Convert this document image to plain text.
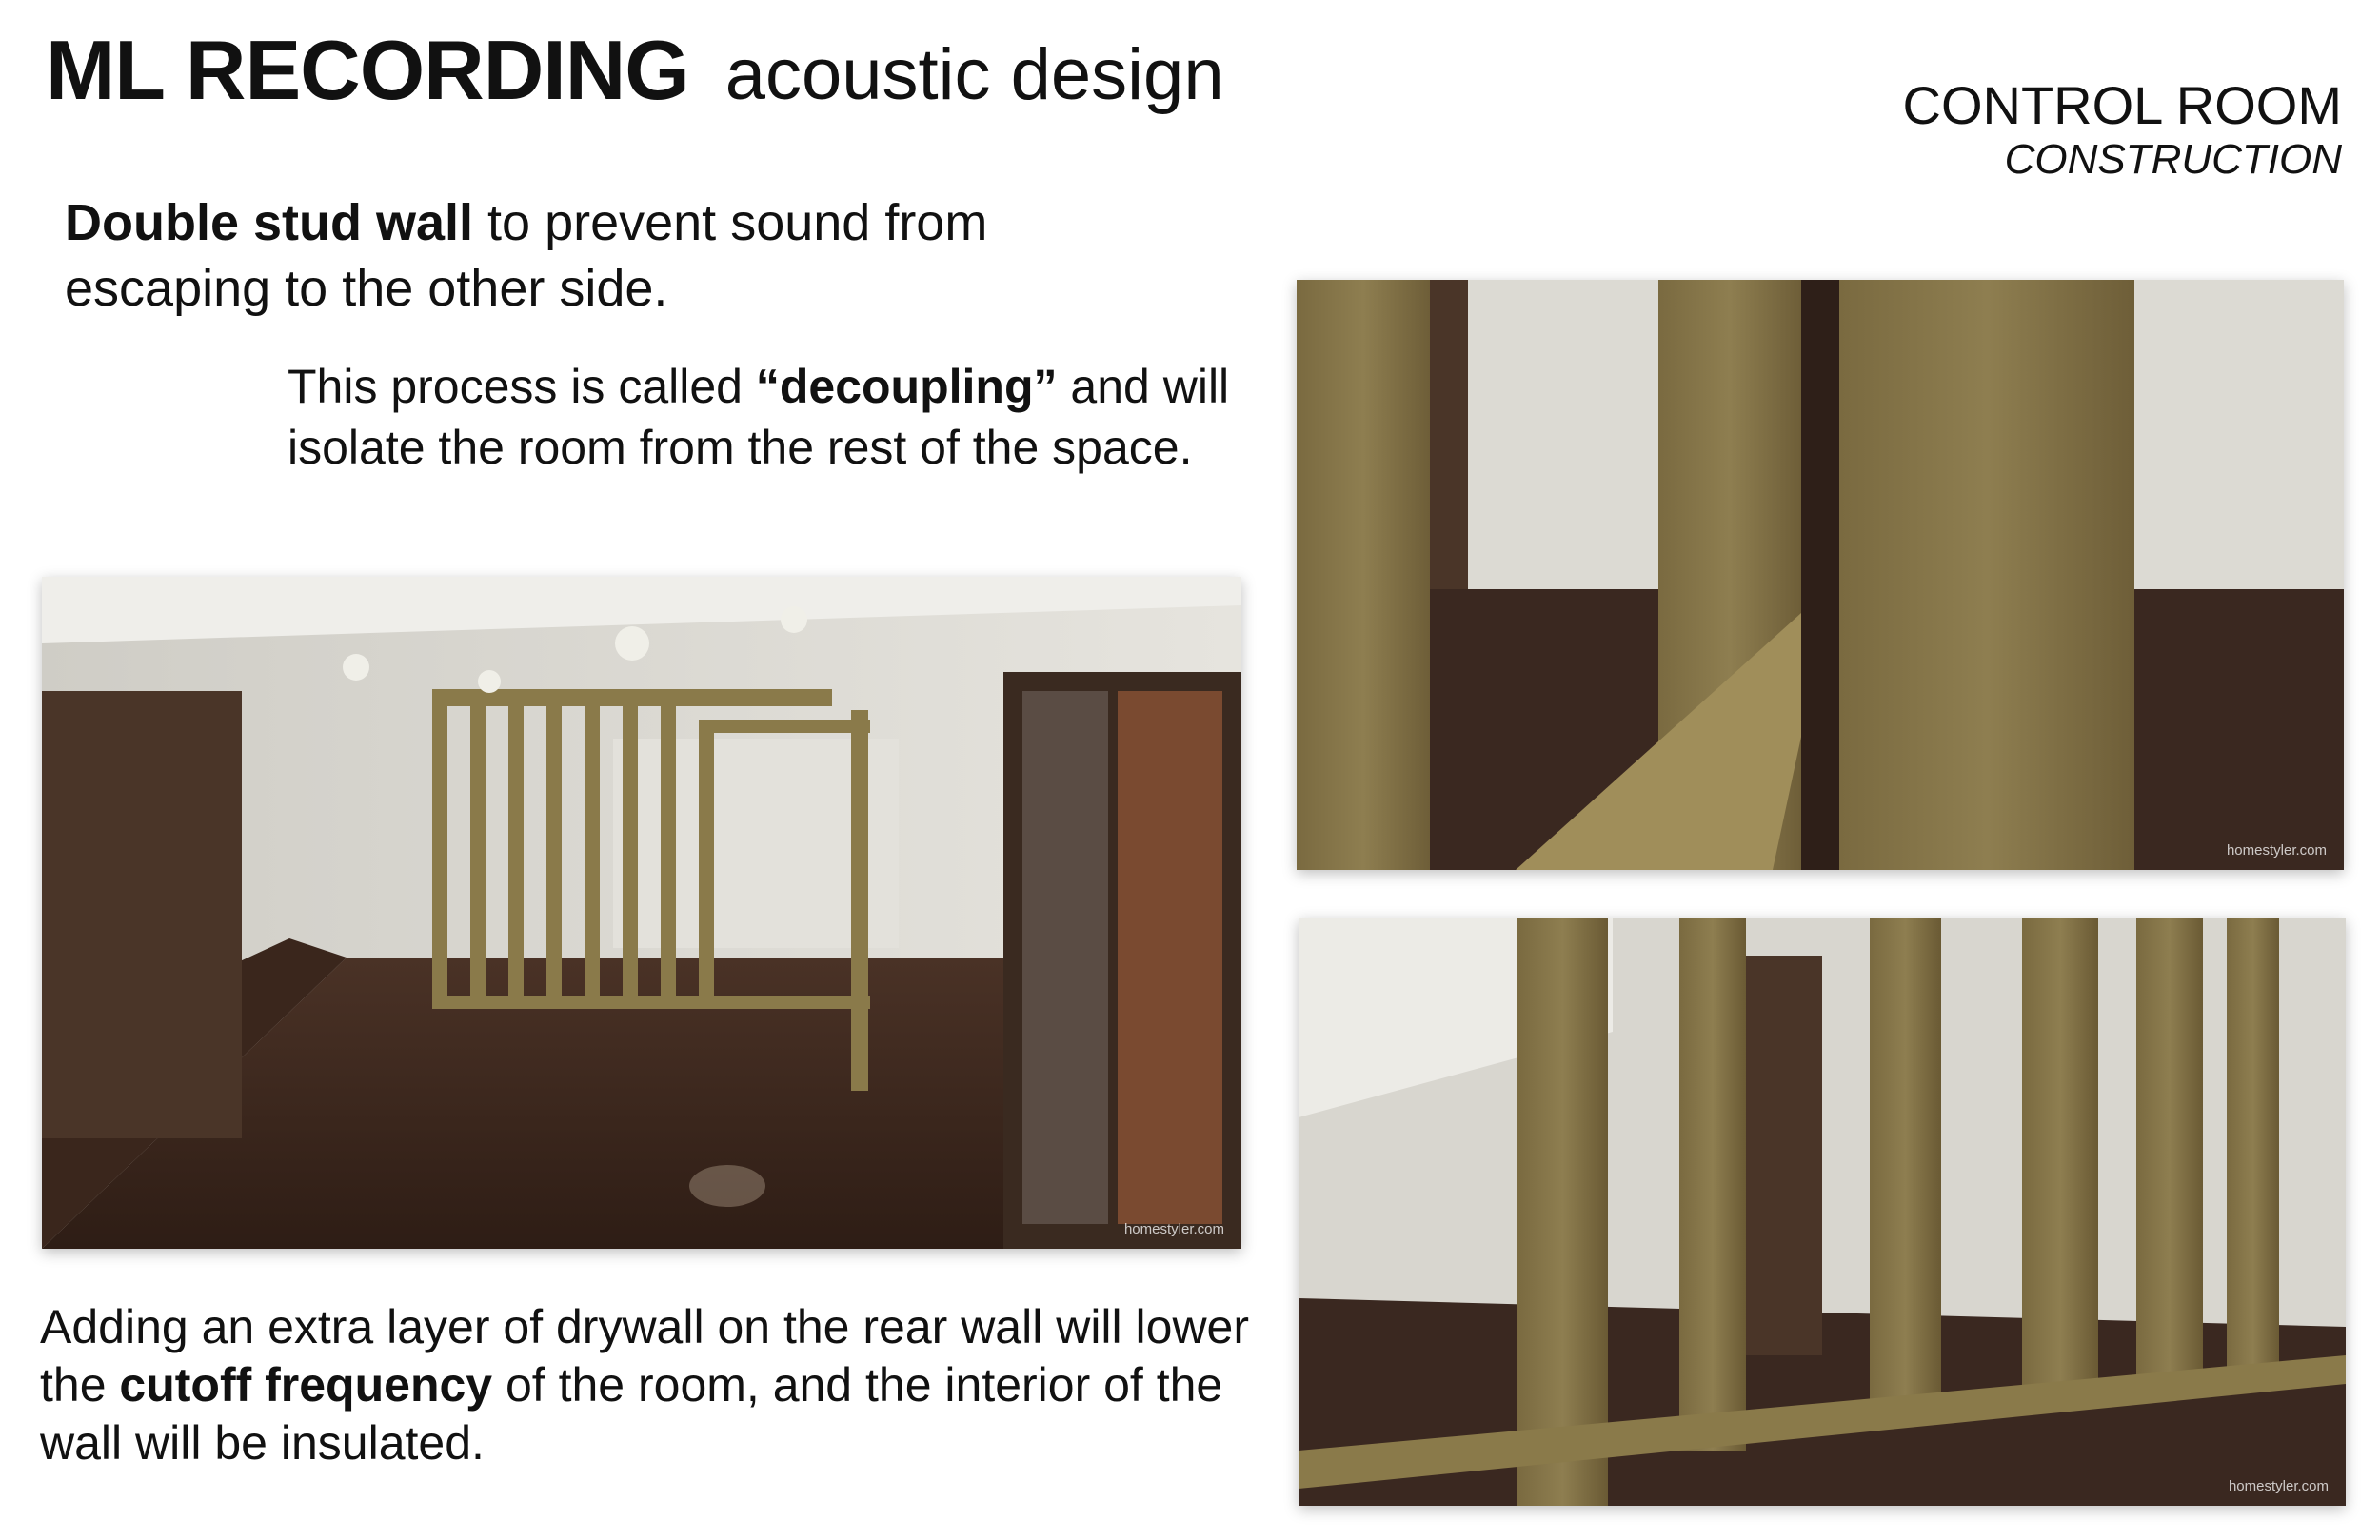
ML RECORDING acoustic design	CONTROL ROOM
CONSTRUCTION
Double stud wall to prevent sound from escaping to the other side.
This process is called “decoupling” and will isolate the room from the rest of the space.
Adding an extra layer of drywall on the rear wall will lower the cutoff frequency of the room, and the interior of the wall will be insulated.
homestyler.com
homestyler.com
homestyler.com
